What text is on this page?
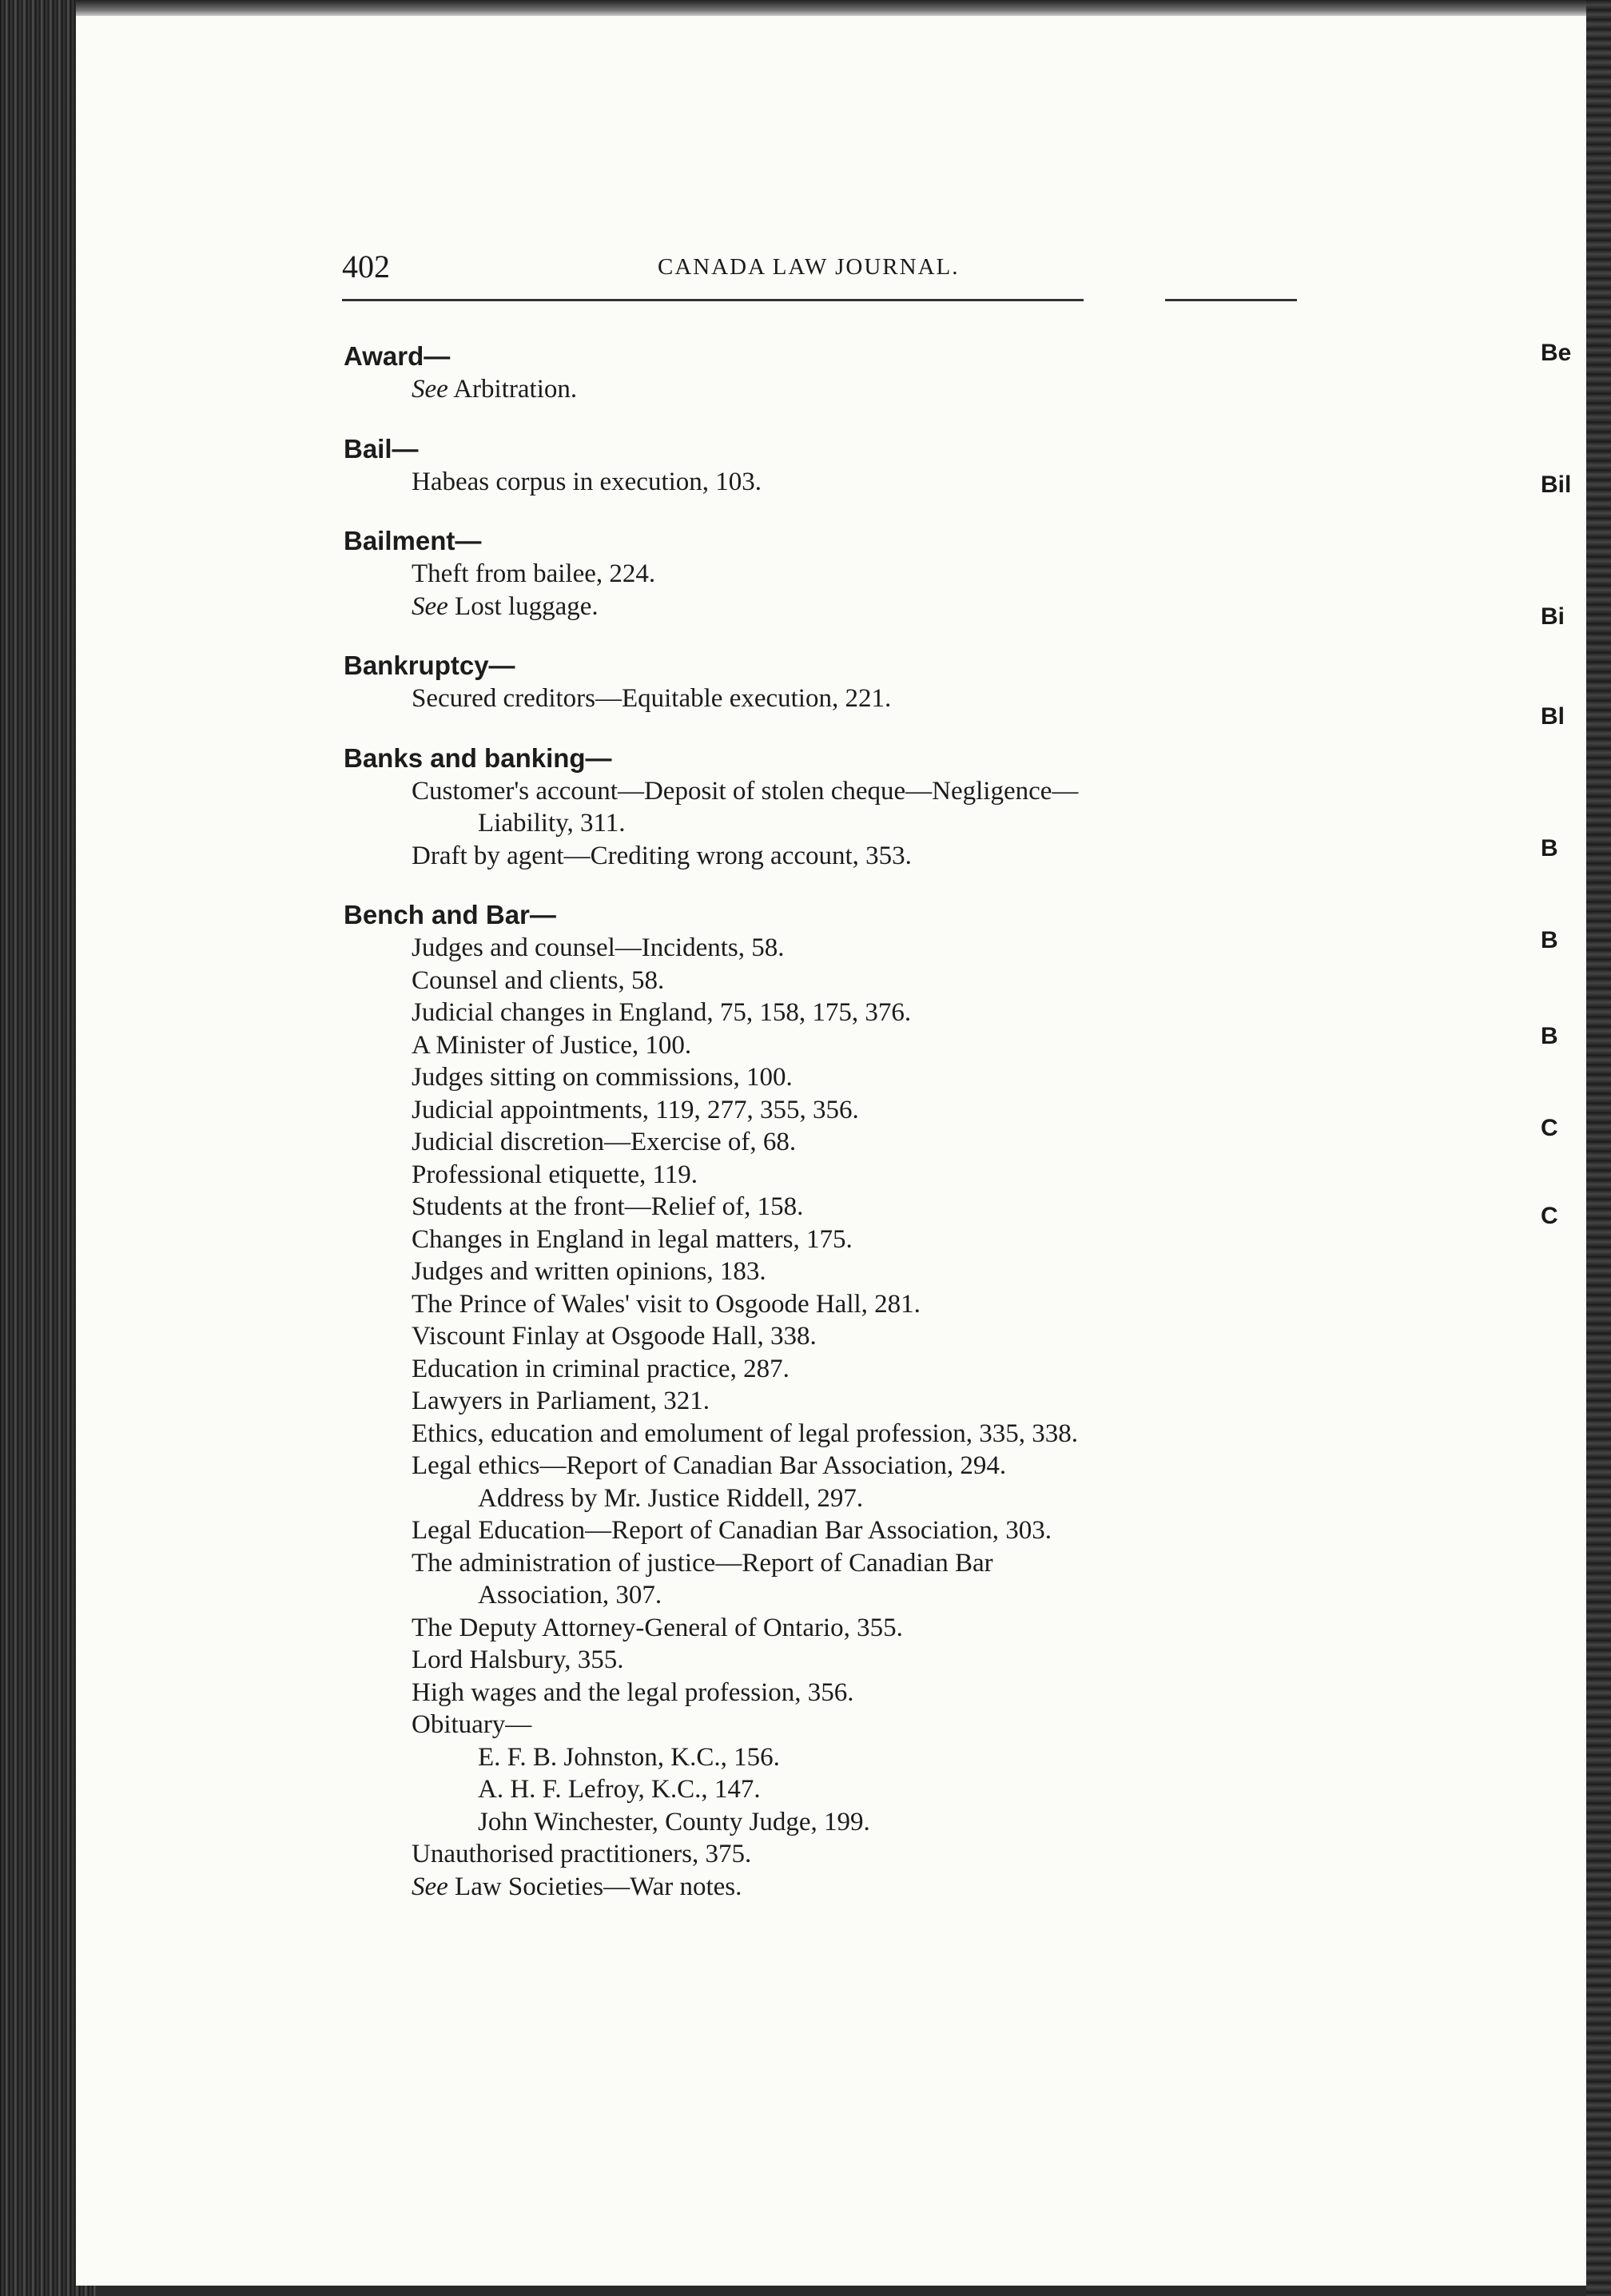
402	CANADA LAW JOURNAL.
Award—
See Arbitration.
Bail—
Habeas corpus in execution, 103.
Bailment—
Theft from bailee, 224.
See Lost luggage.
Bankruptcy—
Secured creditors—Equitable execution, 221.
Banks and banking—
Customer's account—Deposit of stolen cheque—Negligence—
Liability, 311.
Draft by agent—Crediting wrong account, 353.
Bench and Bar—
Judges and counsel—Incidents, 58.
Counsel and clients, 58.
Judicial changes in England, 75, 158, 175, 376.
A Minister of Justice, 100.
Judges sitting on commissions, 100.
Judicial appointments, 119, 277, 355, 356.
Judicial discretion—Exercise of, 68.
Professional etiquette, 119.
Students at the front—Relief of, 158.
Changes in England in legal matters, 175.
Judges and written opinions, 183.
The Prince of Wales' visit to Osgoode Hall, 281.
Viscount Finlay at Osgoode Hall, 338.
Education in criminal practice, 287.
Lawyers in Parliament, 321.
Ethics, education and emolument of legal profession, 335, 338.
Legal ethics—Report of Canadian Bar Association, 294.
Address by Mr. Justice Riddell, 297.
Legal Education—Report of Canadian Bar Association, 303.
The administration of justice—Report of Canadian Bar
Association, 307.
The Deputy Attorney-General of Ontario, 355.
Lord Halsbury, 355.
High wages and the legal profession, 356.
Obituary—
E. F. B. Johnston, K.C., 156.
A. H. F. Lefroy, K.C., 147.
John Winchester, County Judge, 199.
Unauthorised practitioners, 375.
See Law Societies—War notes.
Be
Bil
Bi
Bl
B
B
B
C
C
